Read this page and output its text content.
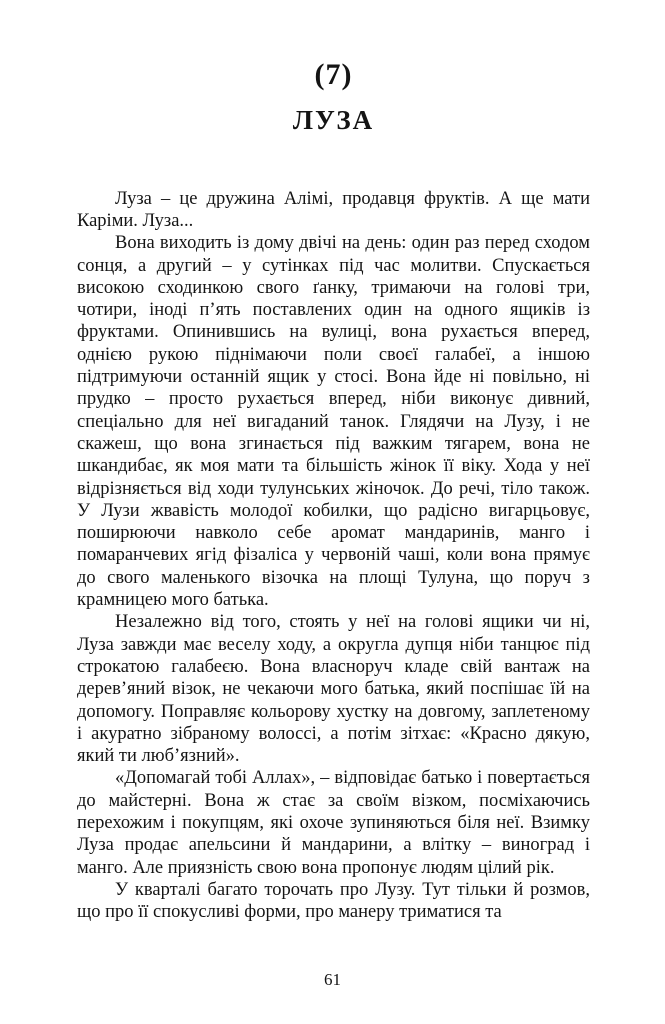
(7)
ЛУЗА

Луза – це дружина Алімі, продавця фруктів. А ще мати Каріми. Луза...

Вона виходить із дому двічі на день: один раз перед сходом сонця, а другий – у сутінках під час молитви. Спускається високою сходинкою свого ґанку, тримаючи на голові три, чотири, іноді п’ять поставлених один на одного ящиків із фруктами. Опинившись на вулиці, вона рухається вперед, однією рукою піднімаючи поли своєї галабеї, а іншою підтримуючи останній ящик у стосі. Вона йде ні повільно, ні прудко – просто рухається вперед, ніби виконує дивний, спеціально для неї вигаданий танок. Глядячи на Лузу, і не скажеш, що вона згинається під важким тягарем, вона не шкандибає, як моя мати та більшість жінок її віку. Хода у неї відрізняється від ходи тулунських жіночок. До речі, тіло також. У Лузи жвавість молодої кобилки, що радісно вигарцьовує, поширюючи навколо себе аромат мандаринів, манго і помаранчевих ягід фізаліса у червоній чаші, коли вона прямує до свого маленького візочка на площі Тулуна, що поруч з крамницею мого батька.

Незалежно від того, стоять у неї на голові ящики чи ні, Луза завжди має веселу ходу, а округла дупця ніби танцює під строкатою галабеєю. Вона власноруч кладе свій вантаж на дерев’яний візок, не чекаючи мого батька, який поспішає їй на допомогу. Поправляє кольорову хустку на довгому, заплетеному і акуратно зібраному волоссі, а потім зітхає: «Красно дякую, який ти люб’язний».

«Допомагай тобі Аллах», – відповідає батько і повертається до майстерні. Вона ж стає за своїм візком, посміхаючись перехожим і покупцям, які охоче зупиняються біля неї. Взимку Луза продає апельсини й мандарини, а влітку – виноград і манго. Але приязність свою вона пропонує людям цілий рік.

У кварталі багато торочать про Лузу. Тут тільки й розмов, що про її спокусливі форми, про манеру триматися та

61
